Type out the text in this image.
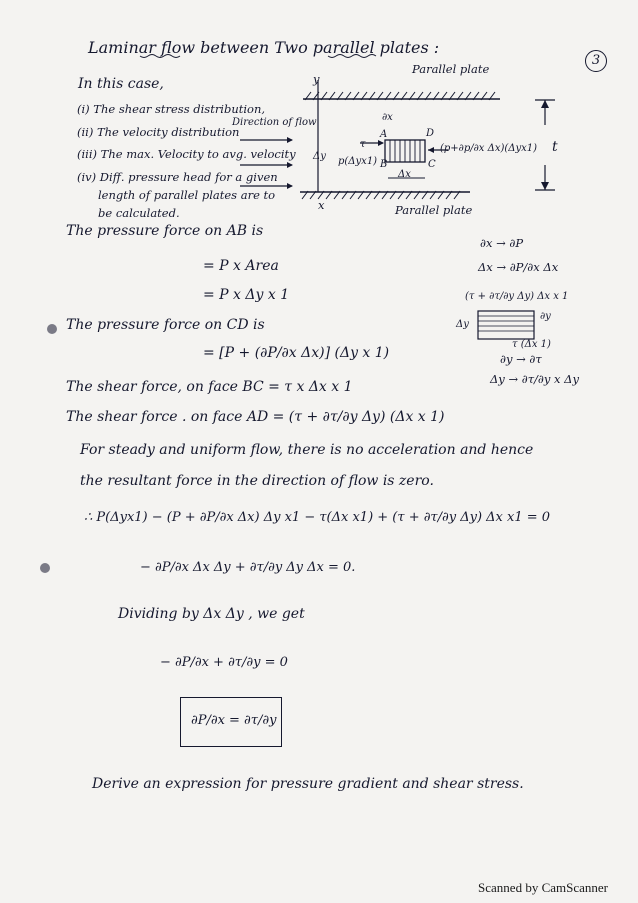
3
Laminar flow between Two parallel plates :
In this case,
(i) The shear stress distribution,
(ii) The velocity distribution
(iii) The max. Velocity to avg. velocity
(iv) Diff. pressure head for a given
length of parallel plates are to
be calculated.
Parallel plate
Parallel plate
Direction of flow
y
x
p(Δyx1)
(p+∂p/∂x Δx)(Δyx1)
Δy
Δx
A
B	C
D
t
τ
∂x
The pressure force on AB is
= P x Area
= P x Δy x 1
∂x → ∂P
Δx → ∂P/∂x Δx
(τ + ∂τ/∂y Δy) Δx x 1
τ (Δx 1)
∂y → ∂τ
Δy → ∂τ/∂y x Δy
Δy
∂y
The pressure force on CD is
= [P + (∂P/∂x Δx)] (Δy x 1)
The shear force, on face BC = τ x Δx x 1
The shear force . on face AD = (τ + ∂τ/∂y Δy) (Δx x 1)
For steady and uniform flow, there is no acceleration and hence
the resultant force in the direction of flow is zero.
∴ P(Δyx1) − (P + ∂P/∂x Δx) Δy x1 − τ(Δx x1) + (τ + ∂τ/∂y Δy) Δx x1 = 0
− ∂P/∂x Δx Δy + ∂τ/∂y Δy Δx = 0.
Dividing by Δx Δy , we get
− ∂P/∂x + ∂τ/∂y = 0
∂P/∂x = ∂τ/∂y
Derive an expression for pressure gradient and shear stress.
Scanned by CamScanner
